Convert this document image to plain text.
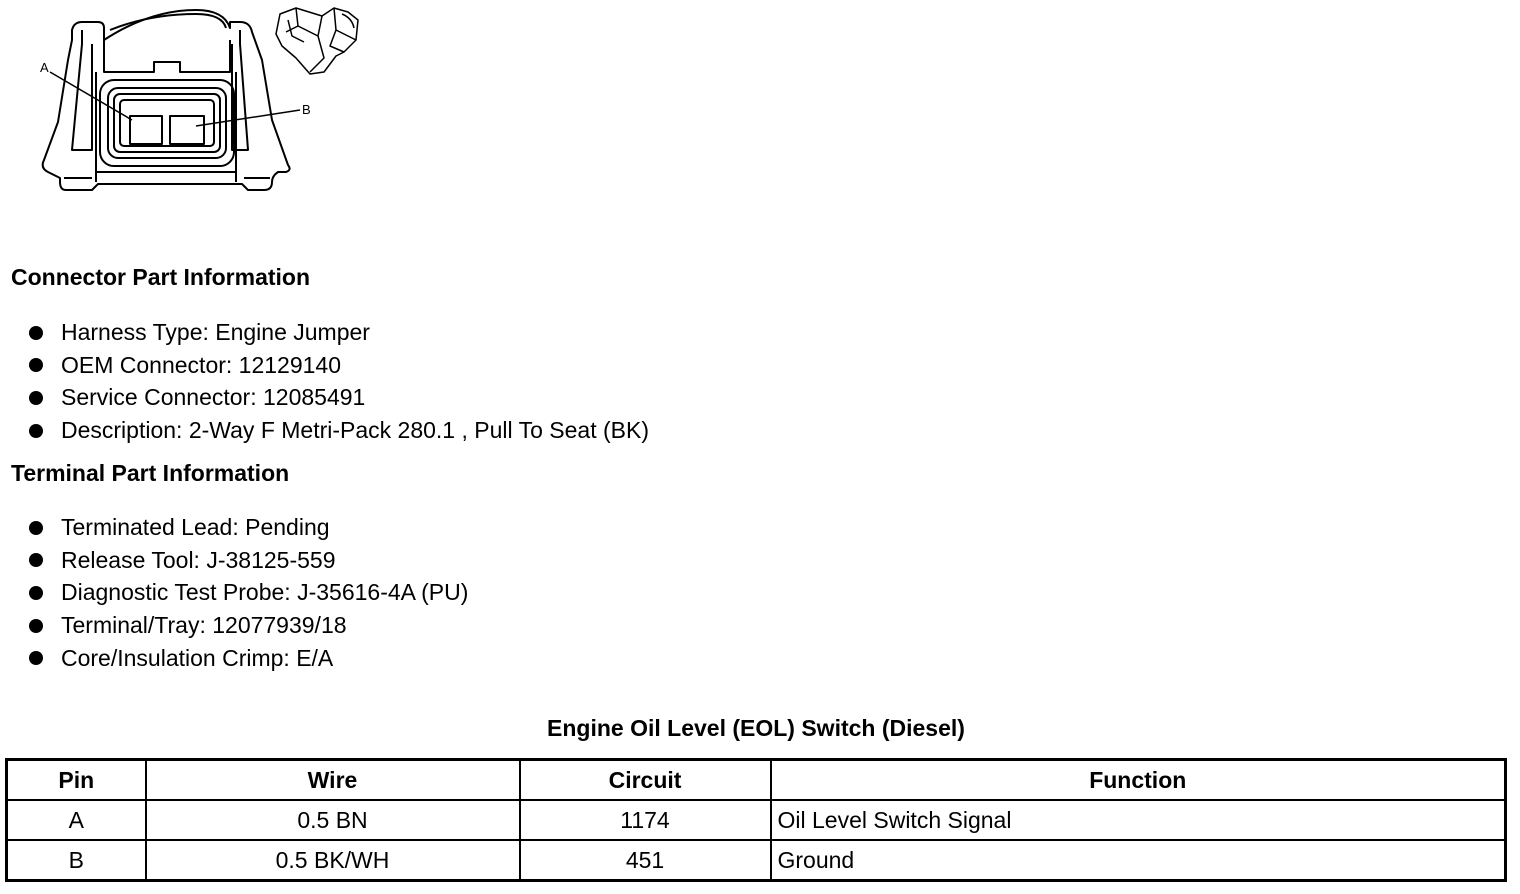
A
B
Connector Part Information
Harness Type: Engine Jumper
OEM Connector: 12129140
Service Connector: 12085491
Description: 2-Way F Metri-Pack 280.1 , Pull To Seat (BK)
Terminal Part Information
Terminated Lead: Pending
Release Tool: J-38125-559
Diagnostic Test Probe: J-35616-4A (PU)
Terminal/Tray: 12077939/18
Core/Insulation Crimp: E/A
Engine Oil Level (EOL) Switch (Diesel)
Pin	Wire	Circuit	Function
A	0.5 BN	1174	Oil Level Switch Signal
B	0.5 BK/WH	451	Ground
